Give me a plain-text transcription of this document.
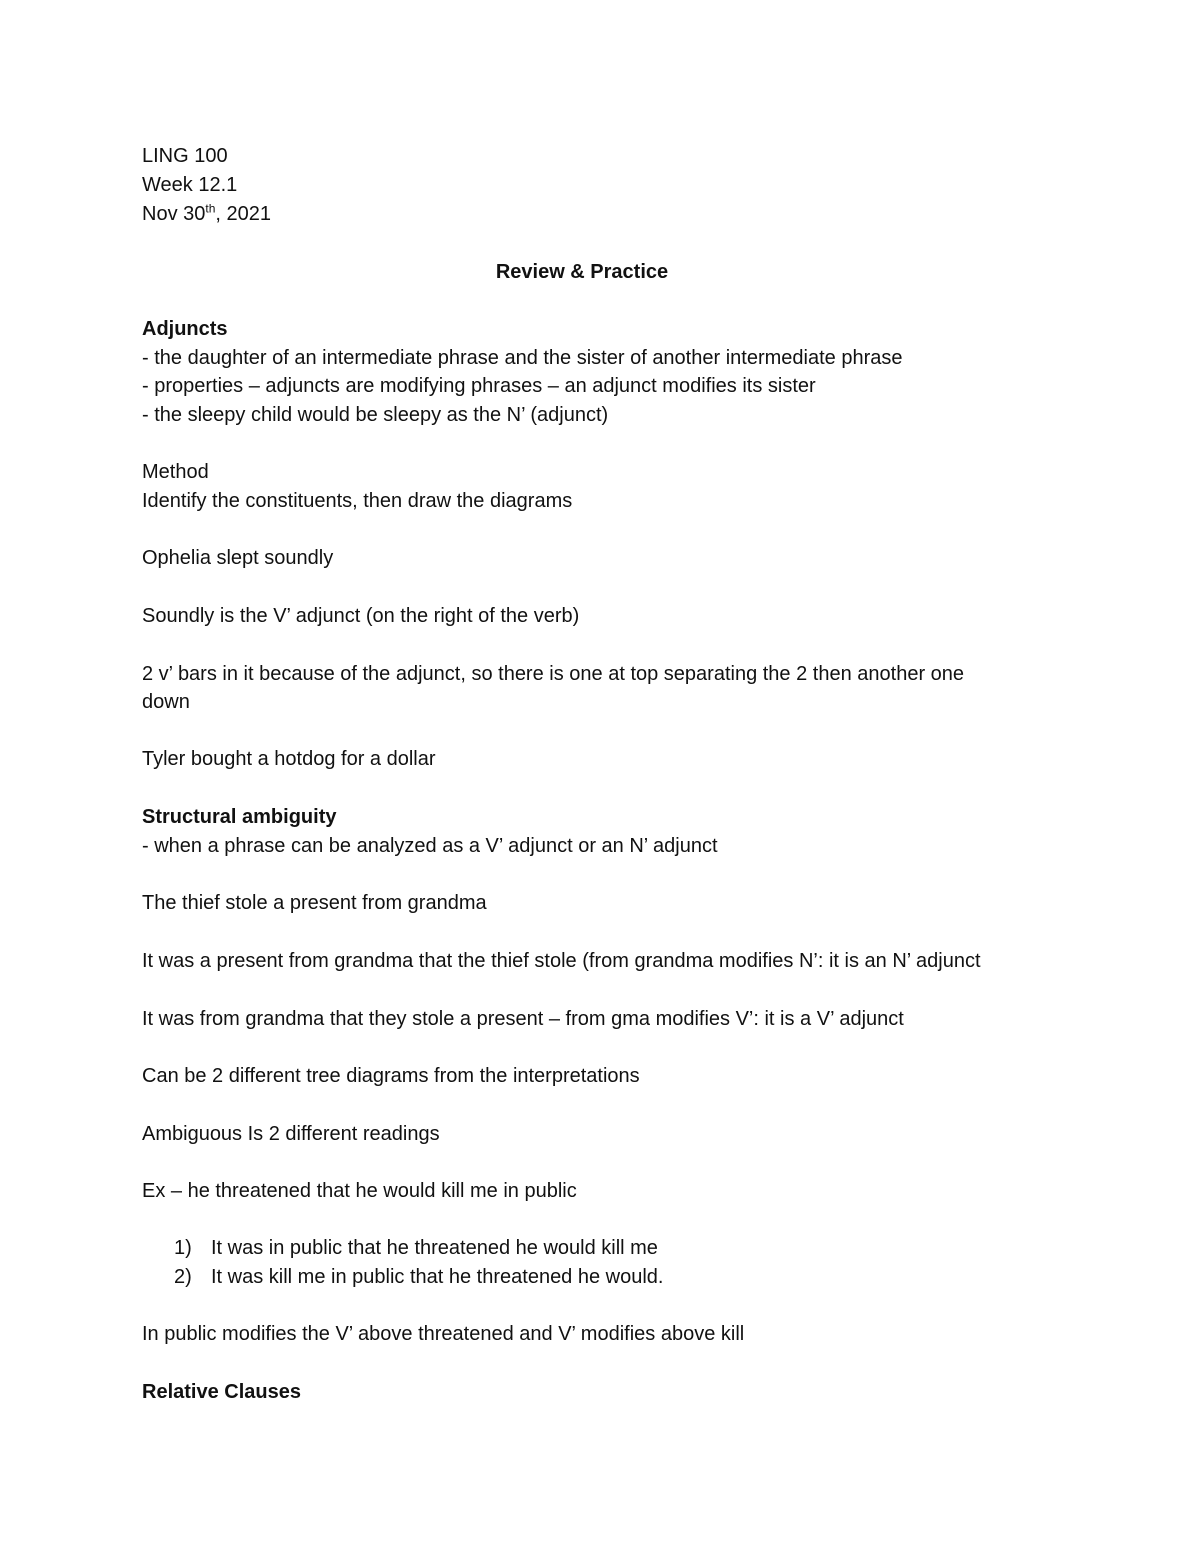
LING 100
Week 12.1
Nov 30th, 2021
Review & Practice
Adjuncts
- the daughter of an intermediate phrase and the sister of another intermediate phrase
- properties – adjuncts are modifying phrases – an adjunct modifies its sister
- the sleepy child would be sleepy as the N’ (adjunct)
Method
Identify the constituents, then draw the diagrams
Ophelia slept soundly
Soundly is the V’ adjunct (on the right of the verb)
2 v’ bars in it because of the adjunct, so there is one at top separating the 2 then another one
down
Tyler bought a hotdog for a dollar
Structural ambiguity
- when a phrase can be analyzed as a V’ adjunct or an N’ adjunct
The thief stole a present from grandma
It was a present from grandma that the thief stole (from grandma modifies N’: it is an N’ adjunct
It was from grandma that they stole a present – from gma modifies V’: it is a V’ adjunct
Can be 2 different tree diagrams from the interpretations
Ambiguous Is 2 different readings
Ex – he threatened that he would kill me in public
1) It was in public that he threatened he would kill me
2) It was kill me in public that he threatened he would.
In public modifies the V’ above threatened and V’ modifies above kill
Relative Clauses
